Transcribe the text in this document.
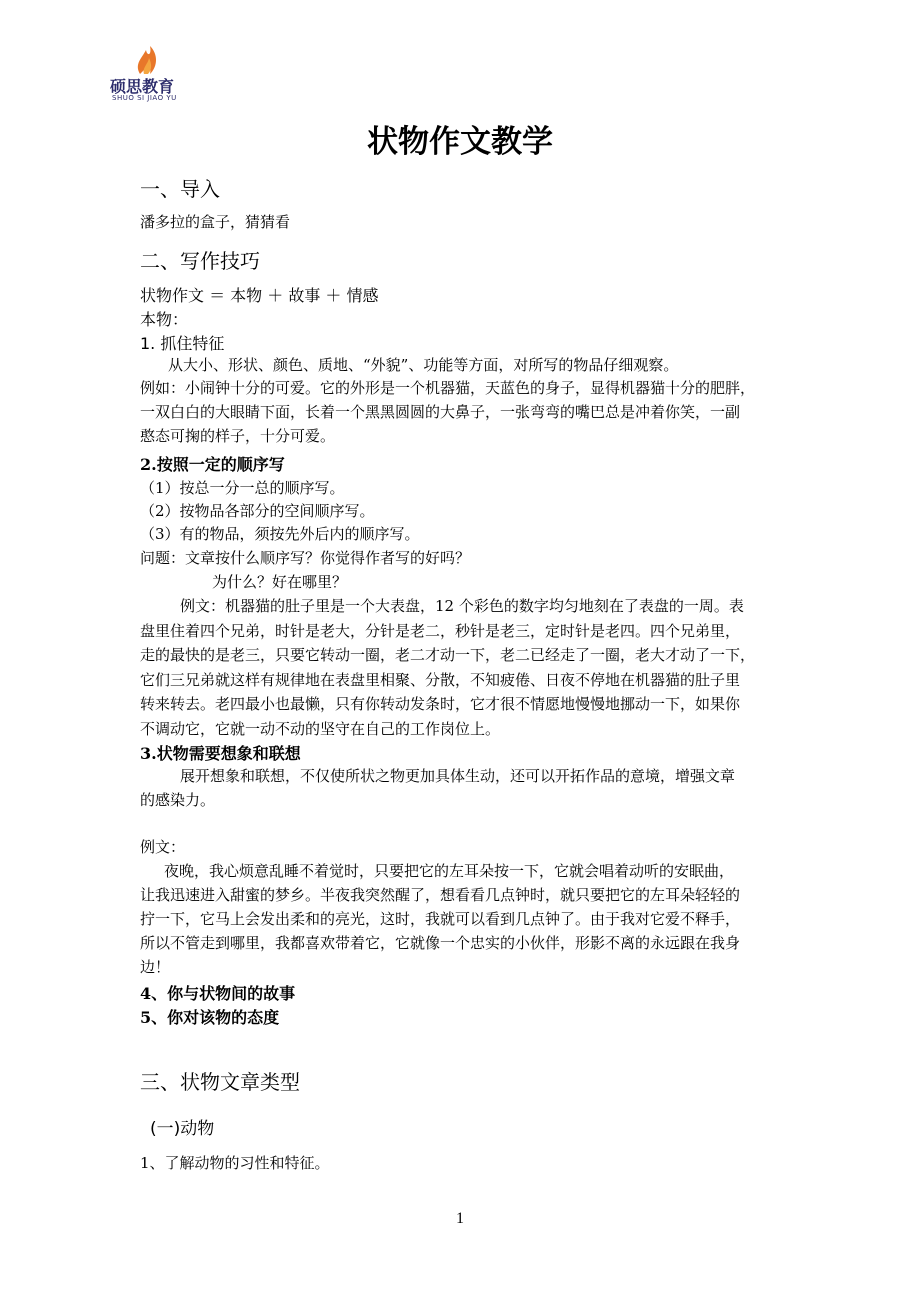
硕思教育
SHUO SI JIAO YU
状物作文教学
一、导入
潘多拉的盒子，猜猜看
二、写作技巧
状物作文 ＝ 本物 ＋ 故事 ＋ 情感
本物：
1. 抓住特征
从大小、形状、颜色、质地、“外貌”、功能等方面，对所写的物品仔细观察。
例如：小闹钟十分的可爱。它的外形是一个机器猫，天蓝色的身子，显得机器猫十分的肥胖，
一双白白的大眼睛下面，长着一个黑黑圆圆的大鼻子，一张弯弯的嘴巴总是冲着你笑，一副
憨态可掬的样子，十分可爱。
2.按照一定的顺序写
（1）按总一分一总的顺序写。
（2）按物品各部分的空间顺序写。
（3）有的物品，须按先外后内的顺序写。
问题：文章按什么顺序写？你觉得作者写的好吗？
为什么？好在哪里？
例文：机器猫的肚子里是一个大表盘，12 个彩色的数字均匀地刻在了表盘的一周。表
盘里住着四个兄弟，时针是老大，分针是老二，秒针是老三，定时针是老四。四个兄弟里，
走的最快的是老三，只要它转动一圈，老二才动一下，老二已经走了一圈，老大才动了一下，
它们三兄弟就这样有规律地在表盘里相聚、分散，不知疲倦、日夜不停地在机器猫的肚子里
转来转去。老四最小也最懒，只有你转动发条时，它才很不情愿地慢慢地挪动一下，如果你
不调动它，它就一动不动的坚守在自己的工作岗位上。
3.状物需要想象和联想
展开想象和联想，不仅使所状之物更加具体生动，还可以开拓作品的意境，增强文章
的感染力。
例文：
夜晚，我心烦意乱睡不着觉时，只要把它的左耳朵按一下，它就会唱着动听的安眠曲，
让我迅速进入甜蜜的梦乡。半夜我突然醒了，想看看几点钟时，就只要把它的左耳朵轻轻的
拧一下，它马上会发出柔和的亮光，这时，我就可以看到几点钟了。由于我对它爱不释手，
所以不管走到哪里，我都喜欢带着它，它就像一个忠实的小伙伴，形影不离的永远跟在我身
边！
4、你与状物间的故事
5、你对该物的态度
三、状物文章类型
(一)动物
1、了解动物的习性和特征。
1
